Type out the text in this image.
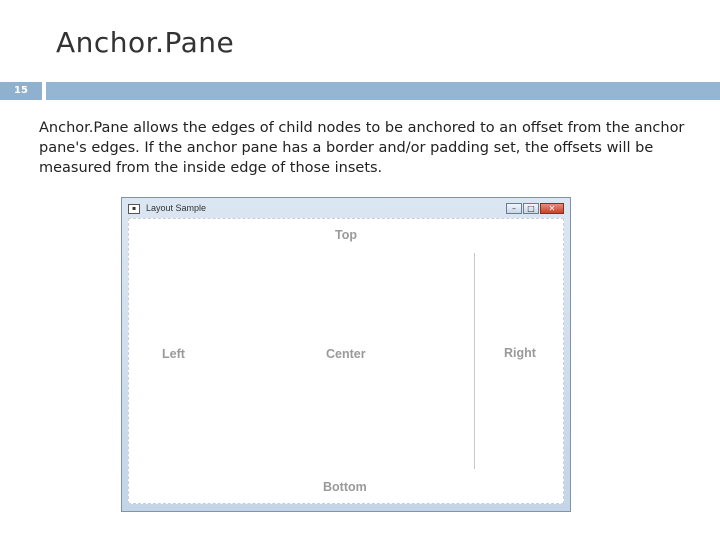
Anchor.Pane
15
Anchor.Pane allows the edges of child nodes to be anchored to an offset from the anchor pane's edges. If the anchor pane has a border and/or padding set, the offsets will be measured from the inside edge of those insets.
▪	Layout Sample	–	□	✕
Top
Left	Center	Right
Bottom
